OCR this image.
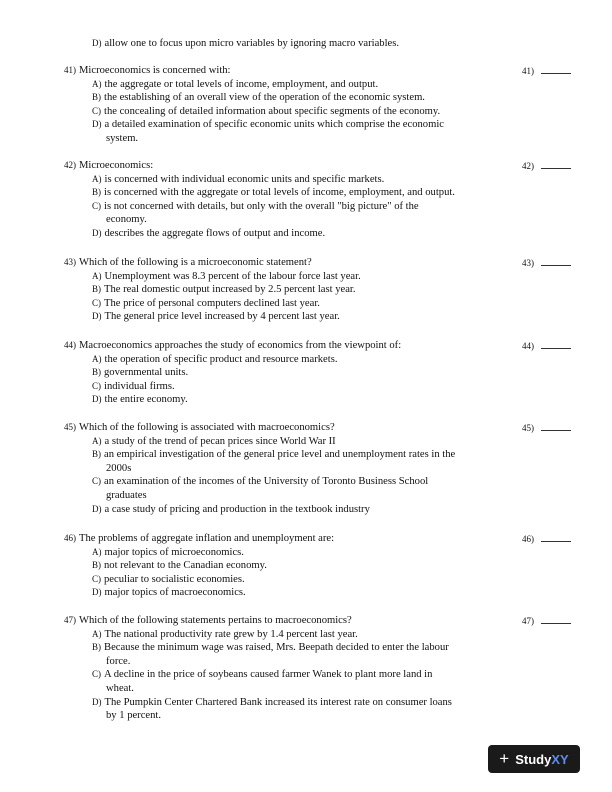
D) allow one to focus upon micro variables by ignoring macro variables.
41) Microeconomics is concerned with:	41)
A) the aggregate or total levels of income, employment, and output.
B) the establishing of an overall view of the operation of the economic system.
C) the concealing of detailed information about specific segments of the economy.
D) a detailed examination of specific economic units which comprise the economic
system.
42) Microeconomics:	42)
A) is concerned with individual economic units and specific markets.
B) is concerned with the aggregate or total levels of income, employment, and output.
C) is not concerned with details, but only with the overall "big picture" of the
economy.
D) describes the aggregate flows of output and income.
43) Which of the following is a microeconomic statement?	43)
A) Unemployment was 8.3 percent of the labour force last year.
B) The real domestic output increased by 2.5 percent last year.
C) The price of personal computers declined last year.
D) The general price level increased by 4 percent last year.
44) Macroeconomics approaches the study of economics from the viewpoint of:	44)
A) the operation of specific product and resource markets.
B) governmental units.
C) individual firms.
D) the entire economy.
45) Which of the following is associated with macroeconomics?	45)
A) a study of the trend of pecan prices since World War II
B) an empirical investigation of the general price level and unemployment rates in the
2000s
C) an examination of the incomes of the University of Toronto Business School
graduates
D) a case study of pricing and production in the textbook industry
46) The problems of aggregate inflation and unemployment are:	46)
A) major topics of microeconomics.
B) not relevant to the Canadian economy.
C) peculiar to socialistic economies.
D) major topics of macroeconomics.
47) Which of the following statements pertains to macroeconomics?	47)
A) The national productivity rate grew by 1.4 percent last year.
B) Because the minimum wage was raised, Mrs. Beepath decided to enter the labour
force.
C) A decline in the price of soybeans caused farmer Wanek to plant more land in
wheat.
D) The Pumpkin Center Chartered Bank increased its interest rate on consumer loans
by 1 percent.
+ Study XY
